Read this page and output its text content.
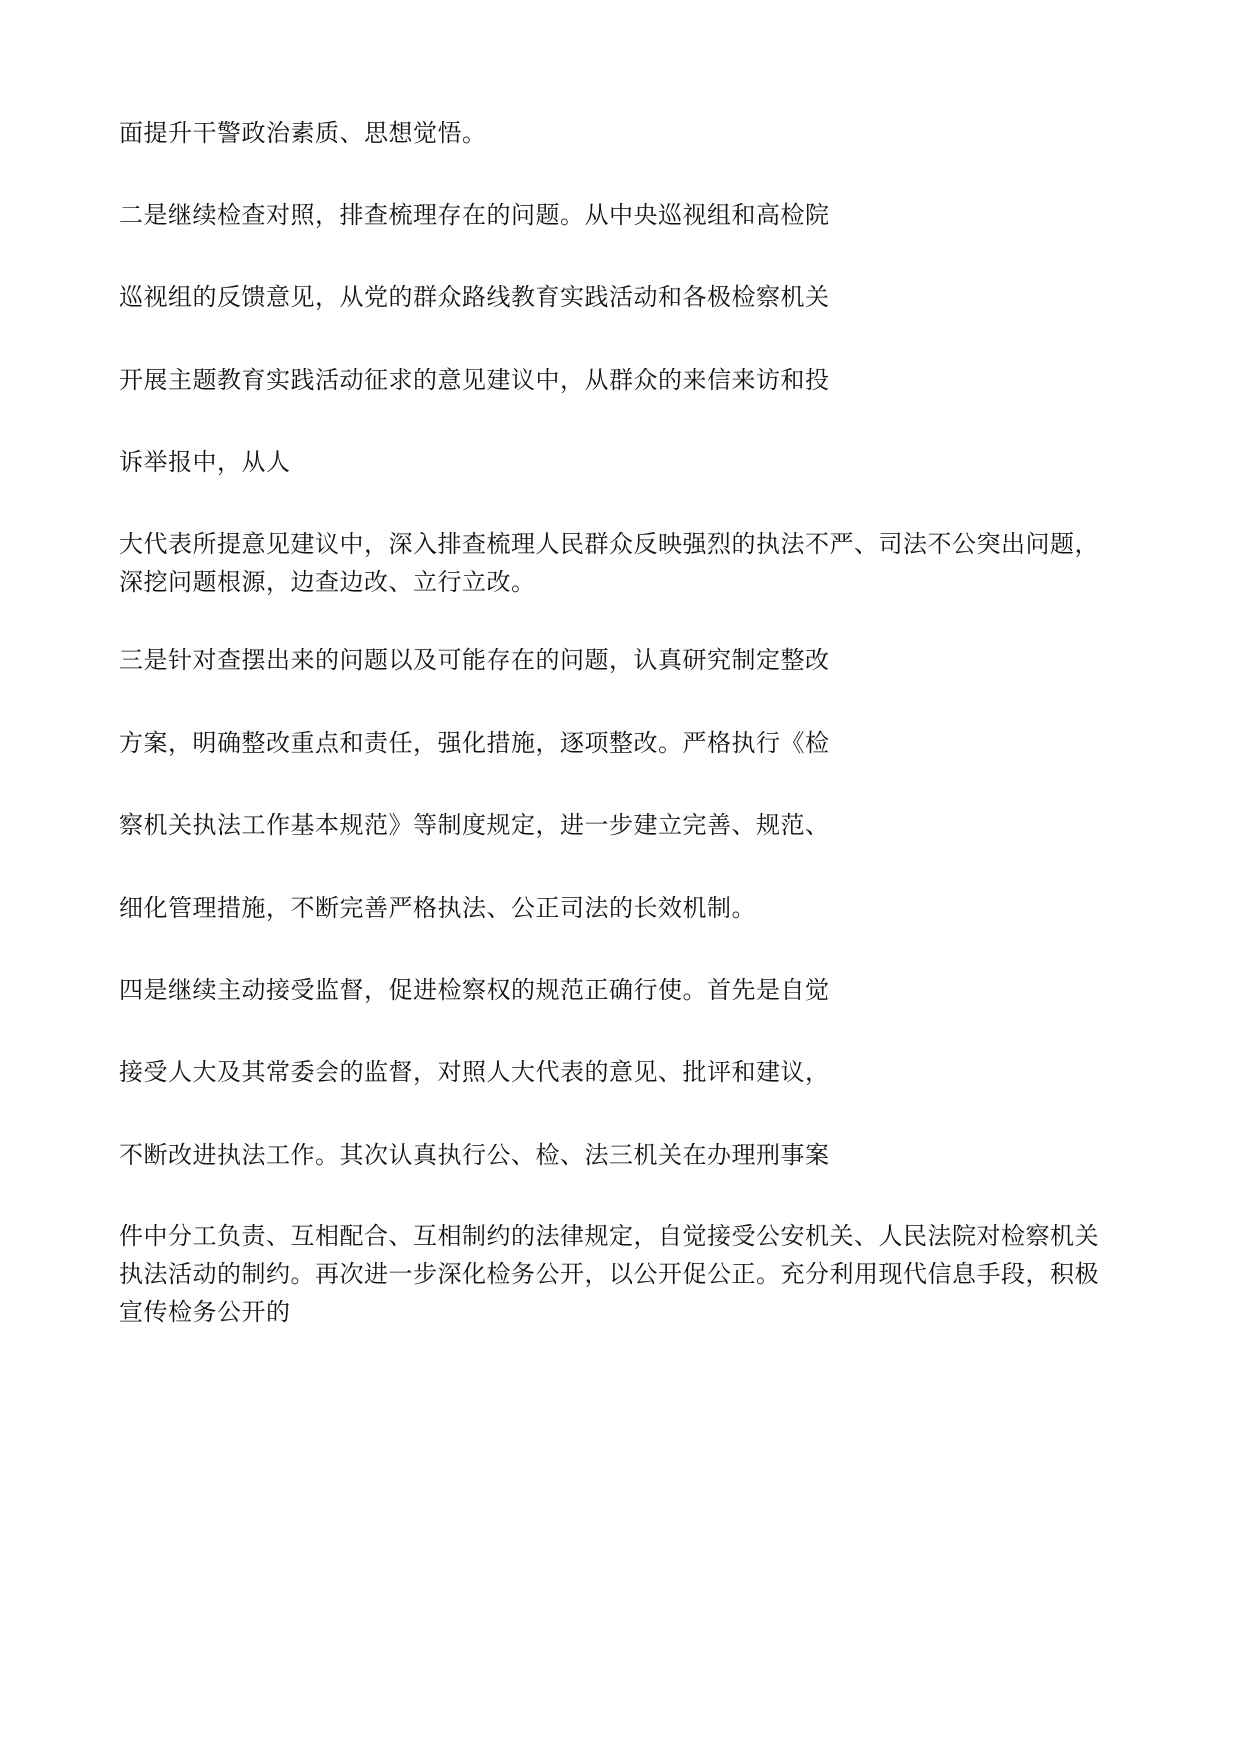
面提升干警政治素质、思想觉悟。
二是继续检查对照，排查梳理存在的问题。从中央巡视组和高检院
巡视组的反馈意见，从党的群众路线教育实践活动和各极检察机关
开展主题教育实践活动征求的意见建议中，从群众的来信来访和投
诉举报中，从人
大代表所提意见建议中，深入排查梳理人民群众反映强烈的执法不严、司法不公突出问题，
深挖问题根源，边查边改、立行立改。
三是针对查摆出来的问题以及可能存在的问题，认真研究制定整改
方案，明确整改重点和责任，强化措施，逐项整改。严格执行《检
察机关执法工作基本规范》等制度规定，进一步建立完善、规范、
细化管理措施，不断完善严格执法、公正司法的长效机制。
四是继续主动接受监督，促进检察权的规范正确行使。首先是自觉
接受人大及其常委会的监督，对照人大代表的意见、批评和建议，
不断改进执法工作。其次认真执行公、检、法三机关在办理刑事案
件中分工负责、互相配合、互相制约的法律规定，自觉接受公安机关、人民法院对检察机关
执法活动的制约。再次进一步深化检务公开，以公开促公正。充分利用现代信息手段，积极
宣传检务公开的
